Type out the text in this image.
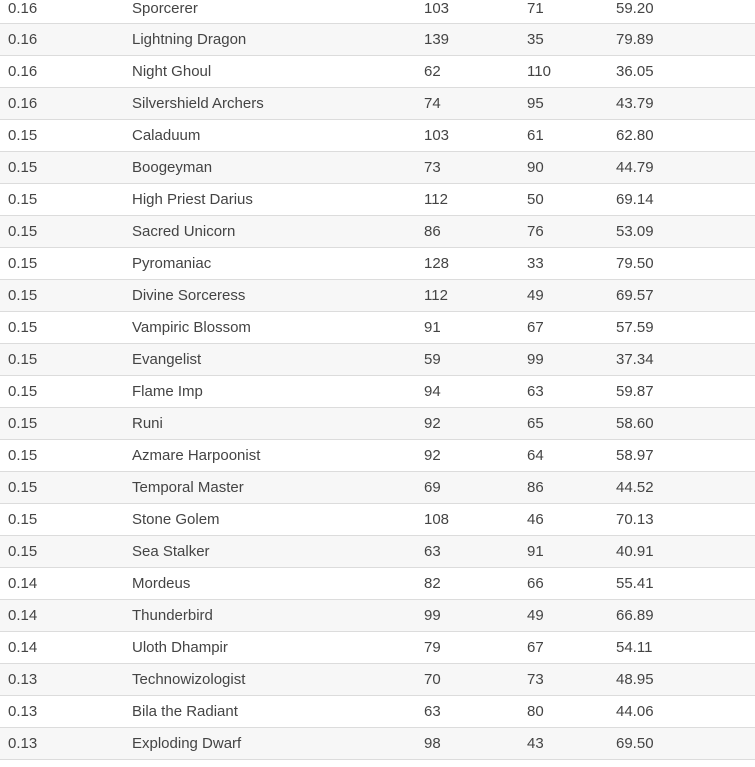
0.16	Sporcerer	103	71	59.20
0.16	Lightning Dragon	139	35	79.89
0.16	Night Ghoul	62	110	36.05
0.16	Silvershield Archers	74	95	43.79
0.15	Caladuum	103	61	62.80
0.15	Boogeyman	73	90	44.79
0.15	High Priest Darius	112	50	69.14
0.15	Sacred Unicorn	86	76	53.09
0.15	Pyromaniac	128	33	79.50
0.15	Divine Sorceress	112	49	69.57
0.15	Vampiric Blossom	91	67	57.59
0.15	Evangelist	59	99	37.34
0.15	Flame Imp	94	63	59.87
0.15	Runi	92	65	58.60
0.15	Azmare Harpoonist	92	64	58.97
0.15	Temporal Master	69	86	44.52
0.15	Stone Golem	108	46	70.13
0.15	Sea Stalker	63	91	40.91
0.14	Mordeus	82	66	55.41
0.14	Thunderbird	99	49	66.89
0.14	Uloth Dhampir	79	67	54.11
0.13	Technowizologist	70	73	48.95
0.13	Bila the Radiant	63	80	44.06
0.13	Exploding Dwarf	98	43	69.50
